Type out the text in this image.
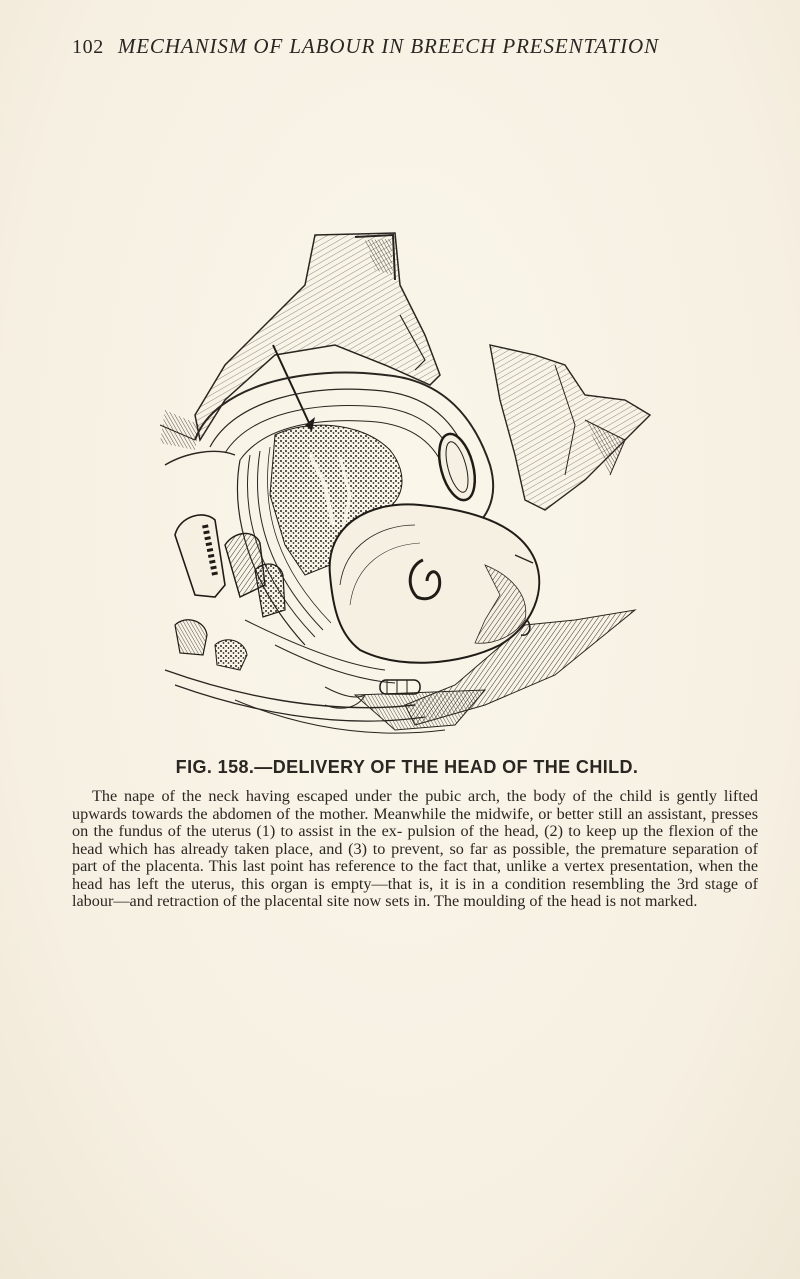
102 MECHANISM OF LABOUR IN BREECH PRESENTATION
FIG. 158.—DELIVERY OF THE HEAD OF THE CHILD.

The nape of the neck having escaped under the pubic arch, the body of the child is gently lifted upwards towards the abdomen of the mother. Meanwhile the midwife, or better still an assistant, presses on the fundus of the uterus (1) to assist in the ex- pulsion of the head, (2) to keep up the flexion of the head which has already taken place, and (3) to prevent, so far as possible, the premature separation of part of the placenta. This last point has reference to the fact that, unlike a vertex presentation, when the head has left the uterus, this organ is empty—that is, it is in a condition resembling the 3rd stage of labour—and retraction of the placental site now sets in. The moulding of the head is not marked.
